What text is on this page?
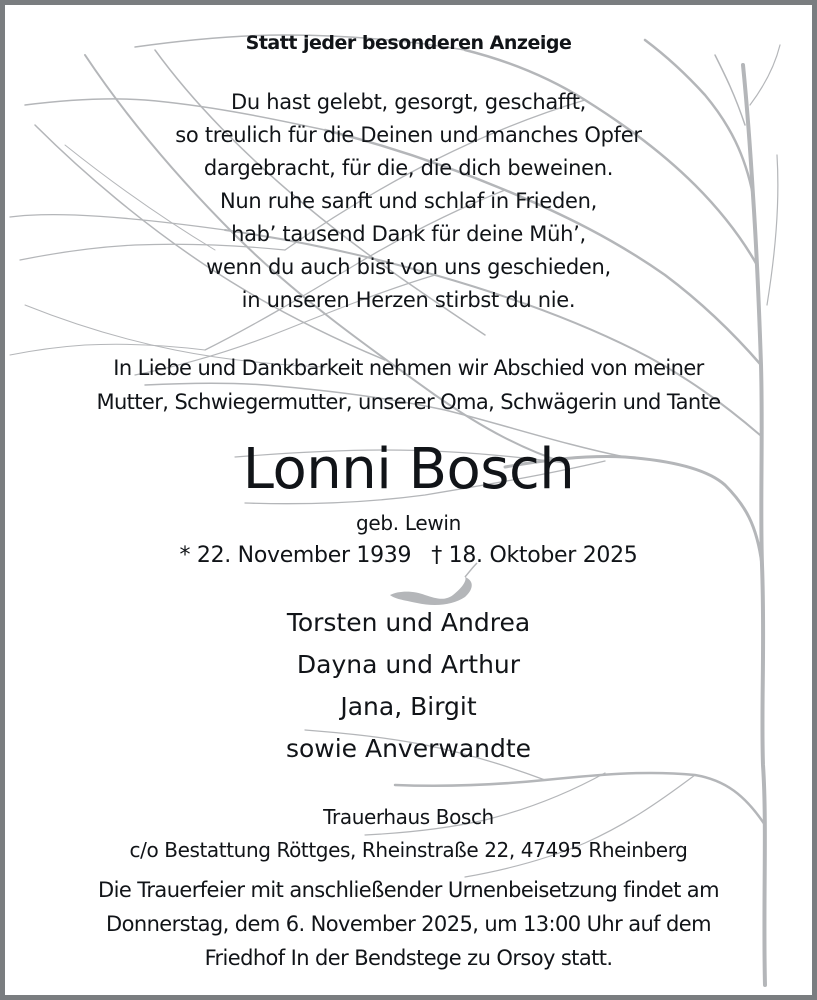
Statt jeder besonderen Anzeige
Du hast gelebt, gesorgt, geschafft,
so treulich für die Deinen und manches Opfer
dargebracht, für die, die dich beweinen.
Nun ruhe sanft und schlaf in Frieden,
hab’ tausend Dank für deine Müh’,
wenn du auch bist von uns geschieden,
in unseren Herzen stirbst du nie.
In Liebe und Dankbarkeit nehmen wir Abschied von meiner
Mutter, Schwiegermutter, unserer Oma, Schwägerin und Tante
Lonni Bosch
geb. Lewin
* 22. November 1939   † 18. Oktober 2025
Torsten und Andrea
Dayna und Arthur
Jana, Birgit
sowie Anverwandte
Trauerhaus Bosch
c/o Bestattung Röttges, Rheinstraße 22, 47495 Rheinberg
Die Trauerfeier mit anschließender Urnenbeisetzung findet am
Donnerstag, dem 6. November 2025, um 13:00 Uhr auf dem
Friedhof In der Bendstege zu Orsoy statt.
